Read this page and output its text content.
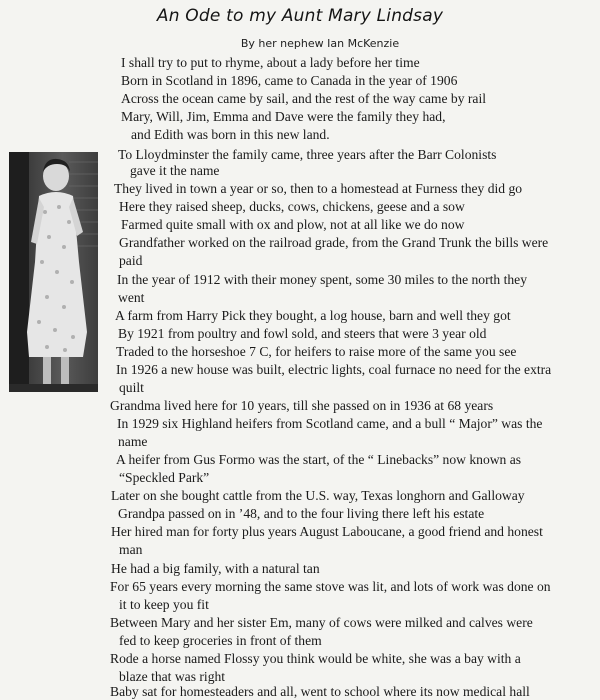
An Ode to my Aunt Mary Lindsay
By her nephew Ian McKenzie
I shall try to put to rhyme, about a lady before her time
Born in Scotland in 1896, came to Canada in the year of 1906
Across the ocean came by sail, and the rest of the way came by rail
Mary, Will, Jim, Emma and Dave were the family they had,
and Edith was born in this new land.
To Lloydminster the family came, three years after the Barr Colonists
gave it the name
They lived in town a year or so, then to a homestead at Furness they did go
Here they raised sheep, ducks, cows, chickens, geese and a sow
Farmed quite small with ox and plow, not at all like we do now
Grandfather worked on the railroad grade, from the Grand Trunk the bills were
paid
In the year of 1912 with their money spent, some 30 miles to the north they
went
A farm from Harry Pick they bought, a log house, barn and well they got
By 1921 from poultry and fowl sold, and steers that were 3 year old
Traded to the horseshoe 7 C, for heifers to raise more of the same you see
In 1926 a new house was built, electric lights, coal furnace no need for the extra
quilt
Grandma lived here for 10 years, till she passed on in 1936 at 68 years
In 1929 six Highland heifers from Scotland came, and a bull “ Major” was the
name
A heifer from Gus Formo was the start, of the “ Linebacks” now known as
“Speckled Park”
Later on she bought cattle from the U.S. way, Texas longhorn and Galloway
Grandpa passed on in ’48, and to the four living there left his estate
Her hired man for forty plus years August Laboucane, a good friend and honest
man
He had a big family, with a natural tan
For 65 years every morning the same stove was lit, and lots of work was done on
it to keep you fit
Between Mary and her sister Em, many of cows were milked and calves were
fed to keep groceries in front of them
Rode a horse named Flossy you think would be white, she was a bay with a
blaze that was right
Baby sat for homesteaders and all, went to school where its now medical hall
